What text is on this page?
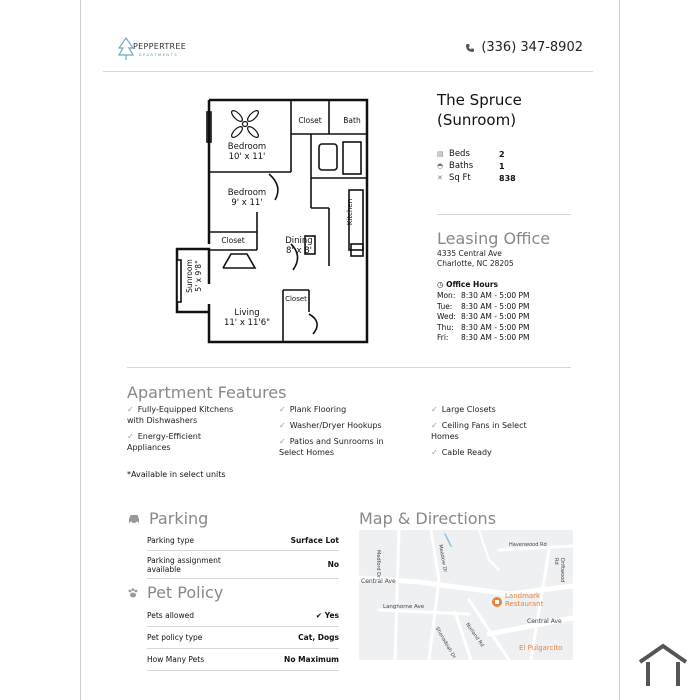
PEPPERTREE
APARTMENTS	(336) 347-8902
Bedroom
10' x 11'
Bedroom
9' x 11'	Kitchen
Bath
Closet
Closet	Dining
8' x 8'
Closet
Living
11' x 11'6"
Sunroom 5' x 9'8"
The Spruce
(Sunroom)
▤ Beds	2
◓ Baths	1
✕ Sq Ft	838
Leasing Office
4335 Central Ave
Charlotte, NC 28205
◷ Office Hours
Mon: 8:30 AM - 5:00 PM
Tue:	8:30 AM - 5:00 PM
Wed: 8:30 AM - 5:00 PM
Thu: 8:30 AM - 5:00 PM
Fri:	8:30 AM - 5:00 PM
Apartment Features
✓ Fully-Equipped Kitchens
with Dishwashers
✓ Energy-Efficient
Appliances
✓ Plank Flooring
✓ Washer/Dryer Hookups
✓ Patios and Sunrooms in
Select Homes
✓ Large Closets
✓ Ceiling Fans in Select
Homes
✓ Cable Ready
*Available in select units
Parking
Parking type	Surface Lot
Parking assignment available	No
Pet Policy
Pets allowed	✔ Yes
Pet policy type	Cat, Dogs
How Many Pets	No Maximum
Map & Directions
Central Ave
Central Ave
Langhorne Ave
Shenadoah Dr
Medford Dr	Meadow Dr
Norland Rd
Havenwood Rd
Driftwood Rd
Landmark
Restaurant
El Pulgarcito
